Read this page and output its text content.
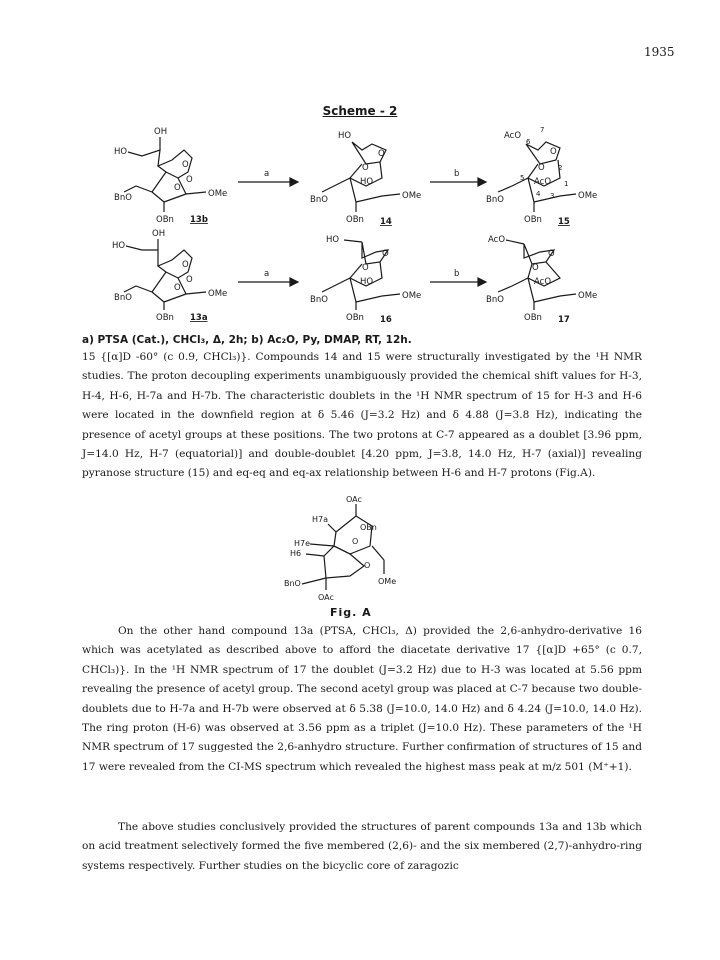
1935
Scheme - 2
OH
HO
BnO	OMe
OBn 13b
O
O
O
a
HO
O
O
HO
BnO	OMe
OBn 14
b
AcO
7
6
O
O
AcO
2
5
4 3
1
BnO	OMe
OBn 15
OH
HO
BnO	OMe
OBn 13a
O
O
O
a
HO
O
O
HO
BnO	OMe
OBn 16
b
AcO
O
O
AcO
BnO	OMe
OBn 17
a) PTSA (Cat.), CHCl₃, Δ, 2h; b) Ac₂O, Py, DMAP, RT, 12h.

15 {[α]D -60° (c 0.9, CHCl₃)}. Compounds 14 and 15 were structurally investigated by the ¹H NMR studies. The proton decoupling experiments unambiguously provided the chemical shift values for H-3, H-4, H-6, H-7a and H-7b. The characteristic doublets in the ¹H NMR spectrum of 15 for H-3 and H-6 were located in the downfield region at δ 5.46 (J=3.2 Hz) and δ 4.88 (J=3.8 Hz), indicating the presence of acetyl groups at these positions. The two protons at C-7 appeared as a doublet [3.96 ppm, J=14.0 Hz, H-7 (equatorial)] and double-doublet [4.20 ppm, J=3.8, 14.0 Hz, H-7 (axial)] revealing pyranose structure (15) and eq-eq and eq-ax relationship between H-6 and H-7 protons (Fig.A).

OAc
H7a
OBn
O
H7e
H6
O
OMe
BnO
OAc
Fig. A

On the other hand compound 13a (PTSA, CHCl₃, Δ) provided the 2,6-anhydro-derivative 16 which was acetylated as described above to afford the diacetate derivative 17 {[α]D +65° (c 0.7, CHCl₃)}. In the ¹H NMR spectrum of 17 the doublet (J=3.2 Hz) due to H-3 was located at 5.56 ppm revealing the presence of acetyl group. The second acetyl group was placed at C-7 because two double-doublets due to H-7a and H-7b were observed at δ 5.38 (J=10.0, 14.0 Hz) and δ 4.24 (J=10.0, 14.0 Hz). The ring proton (H-6) was observed at 3.56 ppm as a triplet (J=10.0 Hz). These parameters of the ¹H NMR spectrum of 17 suggested the 2,6-anhydro structure. Further confirmation of structures of 15 and 17 were revealed from the CI-MS spectrum which revealed the highest mass peak at m/z 501 (M⁺+1).

The above studies conclusively provided the structures of parent compounds 13a and 13b which on acid treatment selectively formed the five membered (2,6)- and the six membered (2,7)-anhydro-ring systems respectively. Further studies on the bicyclic core of zaragozic
